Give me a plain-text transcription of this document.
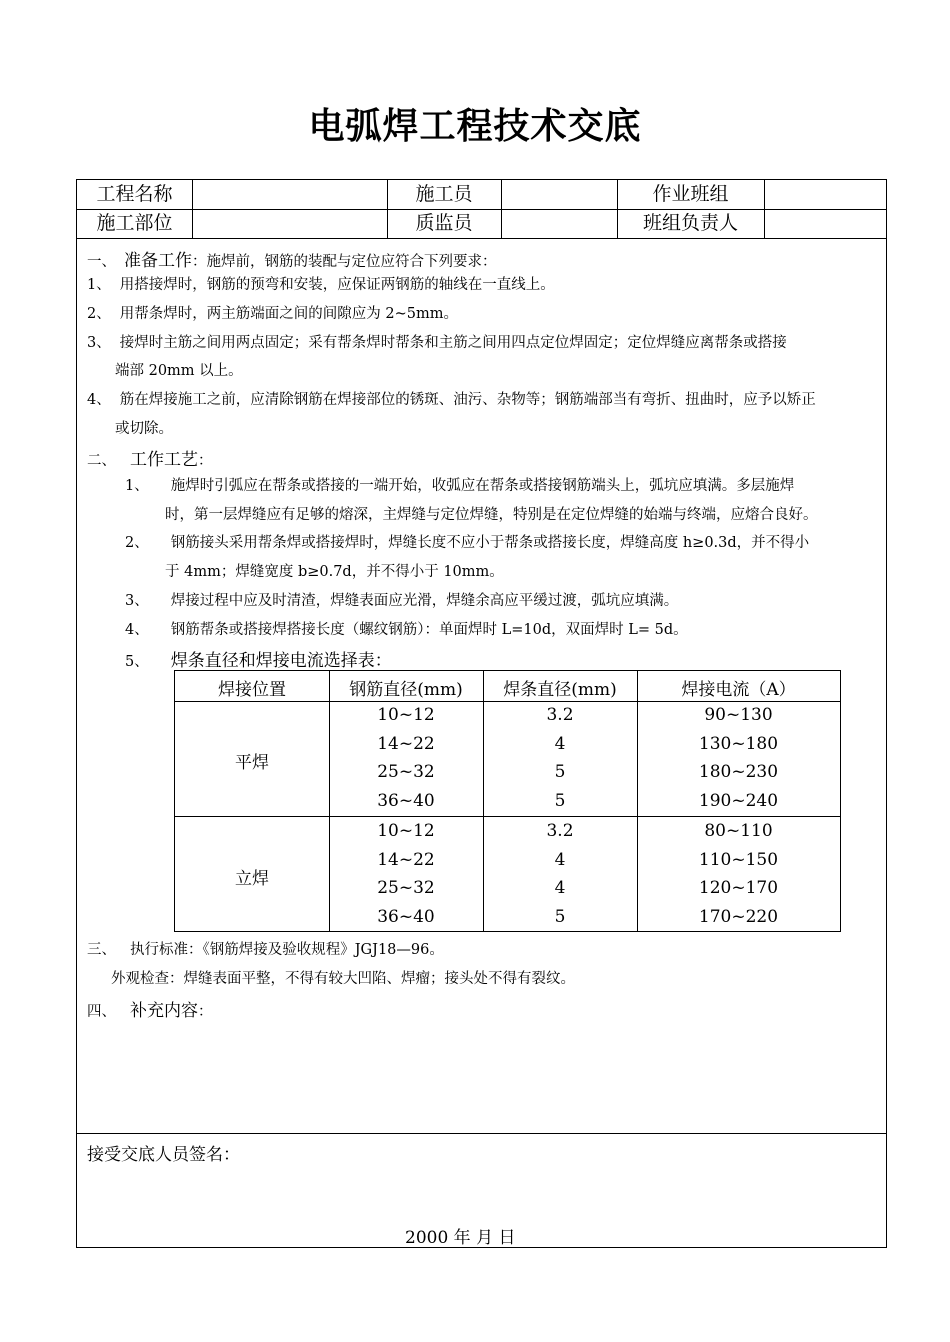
电弧焊工程技术交底
工程名称	施工员	作业班组
施工部位	质监员	班组负责人
一、 准备工作：施焊前，钢筋的装配与定位应符合下列要求：
1、 用搭接焊时，钢筋的预弯和安装，应保证两钢筋的轴线在一直线上。
2、 用帮条焊时，两主筋端面之间的间隙应为 2~5mm。
3、 接焊时主筋之间用两点固定；采有帮条焊时帮条和主筋之间用四点定位焊固定；定位焊缝应离帮条或搭接
端部 20mm 以上。
4、 筋在焊接施工之前，应清除钢筋在焊接部位的锈斑、油污、杂物等；钢筋端部当有弯折、扭曲时，应予以矫正
或切除。
二、 工作工艺：
1、 施焊时引弧应在帮条或搭接的一端开始，收弧应在帮条或搭接钢筋端头上，弧坑应填满。多层施焊
时，第一层焊缝应有足够的熔深，主焊缝与定位焊缝，特别是在定位焊缝的始端与终端，应熔合良好。
2、 钢筋接头采用帮条焊或搭接焊时，焊缝长度不应小于帮条或搭接长度，焊缝高度 h≥0.3d，并不得小
于 4mm；焊缝宽度 b≥0.7d，并不得小于 10mm。
3、 焊接过程中应及时清渣，焊缝表面应光滑，焊缝余高应平缓过渡，弧坑应填满。
4、 钢筋帮条或搭接焊搭接长度（螺纹钢筋）：单面焊时 L=10d，双面焊时 L= 5d。
5、 焊条直径和焊接电流选择表：
焊接位置	钢筋直径(mm)	焊条直径(mm)	焊接电流（A）
平焊
10~12	3.2	90~130
14~22	4	130~180
25~32	5	180~230
36~40	5	190~240
立焊
10~12	3.2	80~110
14~22	4	110~150
25~32	4	120~170
36~40	5	170~220
三、 执行标准：《钢筋焊接及验收规程》JGJ18—96。
外观检查：焊缝表面平整，不得有较大凹陷、焊瘤；接头处不得有裂纹。
四、 补充内容：
接受交底人员签名：
2000 年 月 日
